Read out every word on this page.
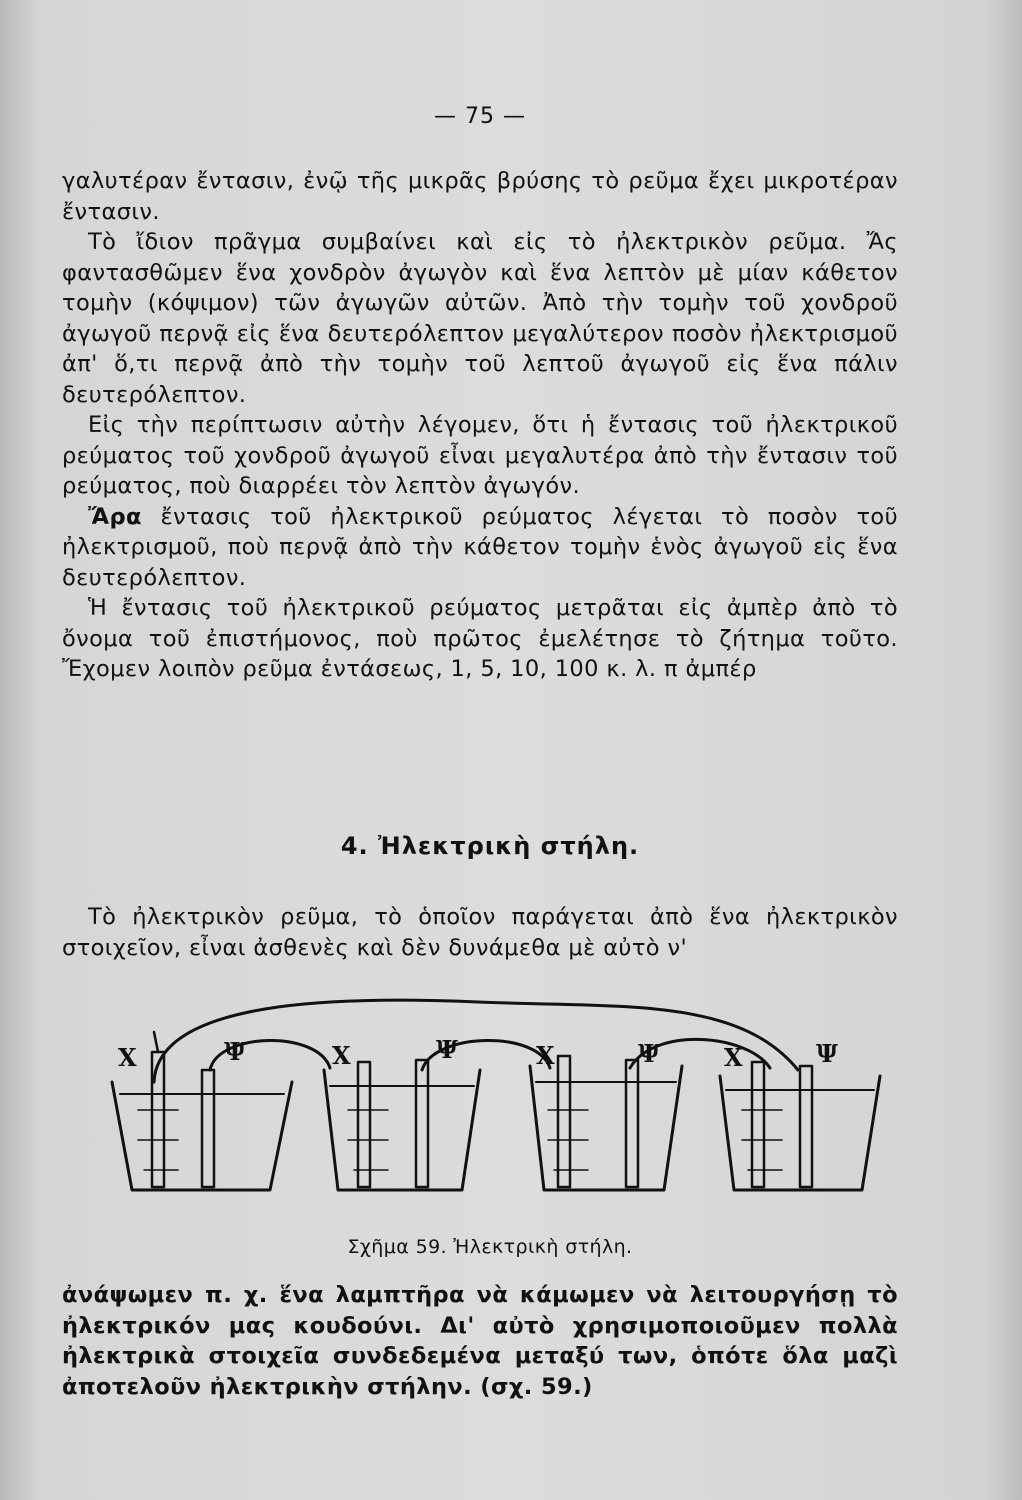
— 75 —

γαλυτέραν ἔντασιν, ἐνῷ τῆς μικρᾶς βρύσης τὸ ρεῦμα ἔχει μικροτέραν ἔντασιν.

Τὸ ἴδιον πρᾶγμα συμβαίνει καὶ εἰς τὸ ἠλεκτρικὸν ρεῦμα. Ἄς φαντασθῶμεν ἕνα χονδρὸν ἀγωγὸν καὶ ἕνα λεπτὸν μὲ μίαν κάθετον τομὴν (κόψιμον) τῶν ἀγωγῶν αὐτῶν. Ἀπὸ τὴν τομὴν τοῦ χονδροῦ ἀγωγοῦ περνᾷ εἰς ἕνα δευτερόλεπτον μεγαλύτερον ποσὸν ἠλεκτρισμοῦ ἀπ' ὅ,τι περνᾷ ἀπὸ τὴν τομὴν τοῦ λεπτοῦ ἀγωγοῦ εἰς ἕνα πάλιν δευτερόλεπτον.

Εἰς τὴν περίπτωσιν αὐτὴν λέγομεν, ὅτι ἡ ἔντασις τοῦ ἠλεκτρικοῦ ρεύματος τοῦ χονδροῦ ἀγωγοῦ εἶναι μεγαλυτέρα ἀπὸ τὴν ἔντασιν τοῦ ρεύματος, ποὺ διαρρέει τὸν λεπτὸν ἀγωγόν.

Ἄρα ἔντασις τοῦ ἠλεκτρικοῦ ρεύματος λέγεται τὸ ποσὸν τοῦ ἠλεκτρισμοῦ, ποὺ περνᾷ ἀπὸ τὴν κάθετον τομὴν ἑνὸς ἀγωγοῦ εἰς ἕνα δευτερόλεπτον.

Ἡ ἔντασις τοῦ ἠλεκτρικοῦ ρεύματος μετρᾶται εἰς ἀμπὲρ ἀπὸ τὸ ὄνομα τοῦ ἐπιστήμονος, ποὺ πρῶτος ἐμελέτησε τὸ ζήτημα τοῦτο. Ἔχομεν λοιπὸν ρεῦμα ἐντάσεως, 1, 5, 10, 100 κ. λ. π ἀμπέρ

4. Ἠλεκτρικὴ στήλη.

Τὸ ἠλεκτρικὸν ρεῦμα, τὸ ὁποῖον παράγεται ἀπὸ ἕνα ἠλεκτρικὸν στοιχεῖον, εἶναι ἀσθενὲς καὶ δὲν δυνάμεθα μὲ αὐτὸ ν'

Χ	Ψ	Χ	Ψ	Χ	Ψ	Χ	Ψ
Σχῆμα 59. Ἠλεκτρικὴ στήλη.

ἀνάψωμεν π. χ. ἕνα λαμπτῆρα νὰ κάμωμεν νὰ λειτουργήσῃ τὸ ἠλεκτρικόν μας κουδούνι. Δι' αὐτὸ χρησιμοποιοῦμεν πολλὰ ἠλεκτρικὰ στοιχεῖα συνδεδεμένα μεταξύ των, ὁπότε ὅλα μαζὶ ἀποτελοῦν ἠλεκτρικὴν στήλην. (σχ. 59.)
